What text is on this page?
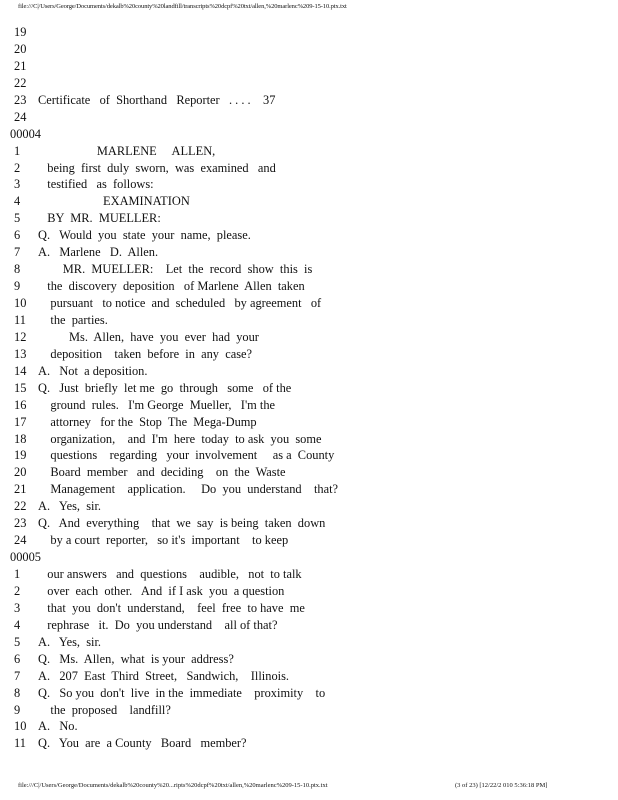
file:///C|/Users/George/Documents/dekalb%20county%20landfill/transcripts%20dcpf%20txt/allen,%20marlenc%209-15-10.ptx.txt
19
20
21
22
23 Certificate   of  Shorthand   Reporter   . . . .    37
24
00004
1 MARLENE     ALLEN,
2 being  first  duly  sworn,  was  examined   and
3 testified   as  follows:
4 EXAMINATION
5 BY  MR.  MUELLER:
6 Q.   Would  you  state  your  name,  please.
7 A.   Marlene   D.  Allen.
8 MR.  MUELLER:    Let  the  record  show  this  is
9 the  discovery  deposition   of Marlene  Allen  taken
10 pursuant   to notice  and  scheduled   by agreement   of
11 the  parties.
12 Ms.  Allen,  have  you  ever  had  your
13 deposition    taken  before  in  any  case?
14 A.   Not  a deposition.
15 Q.   Just  briefly  let me  go  through   some   of the
16 ground  rules.   I'm George  Mueller,   I'm the
17 attorney   for the  Stop  The  Mega-Dump
18 organization,    and  I'm  here  today  to ask  you  some
19 questions    regarding   your  involvement     as a  County
20 Board  member   and  deciding    on  the  Waste
21 Management    application.     Do  you  understand    that?
22 A.   Yes,  sir.
23 Q.   And  everything    that  we  say  is being  taken  down
24 by a court  reporter,   so it's  important    to keep
00005
1 our answers   and  questions    audible,   not  to talk
2 over  each  other.   And  if I ask  you  a question
3 that  you  don't  understand,    feel  free  to have  me
4 rephrase   it.  Do  you understand    all of that?
5 A.   Yes,  sir.
6 Q.   Ms.  Allen,  what  is your  address?
7 A.   207  East  Third  Street,   Sandwich,    Illinois.
8 Q.   So you  don't  live  in the  immediate    proximity    to
9 the  proposed    landfill?
10 A.   No.
11 Q.   You  are  a County   Board   member?
file:///C|/Users/George/Documents/dekalb%20county%20...ripts%20dcpf%20txt/allen,%20marlenc%209-15-10.ptx.txt	(3 of 23) [12/22/2 010 5:36:18 PM]
